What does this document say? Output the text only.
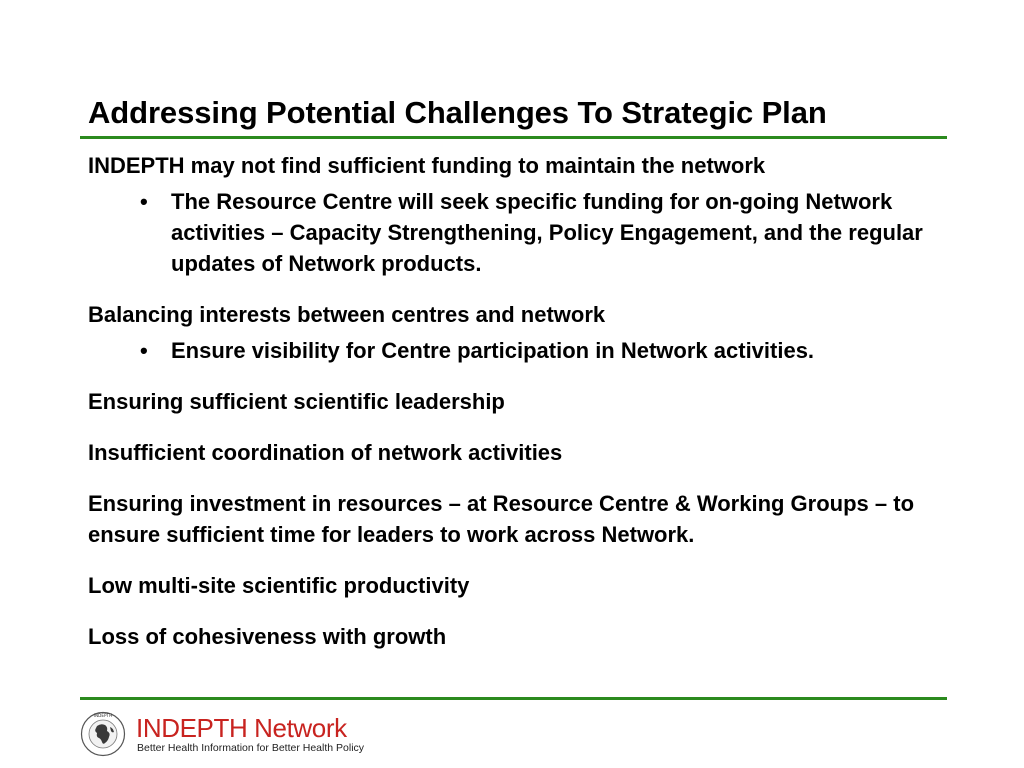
Addressing Potential Challenges To Strategic Plan

INDEPTH may not find sufficient funding to maintain the network

• The Resource Centre will seek specific funding for on-going Network activities – Capacity Strengthening, Policy Engagement, and the regular updates of Network products.

Balancing interests between centres and network

• Ensure visibility for Centre participation in Network activities.

Ensuring sufficient scientific leadership

Insufficient coordination of network activities

Ensuring investment in resources – at Resource Centre & Working Groups – to ensure sufficient time for leaders to work across Network.

Low multi-site scientific productivity

Loss of cohesiveness with growth

INDEPTH INDEPTH Network
Better Health Information for Better Health Policy
